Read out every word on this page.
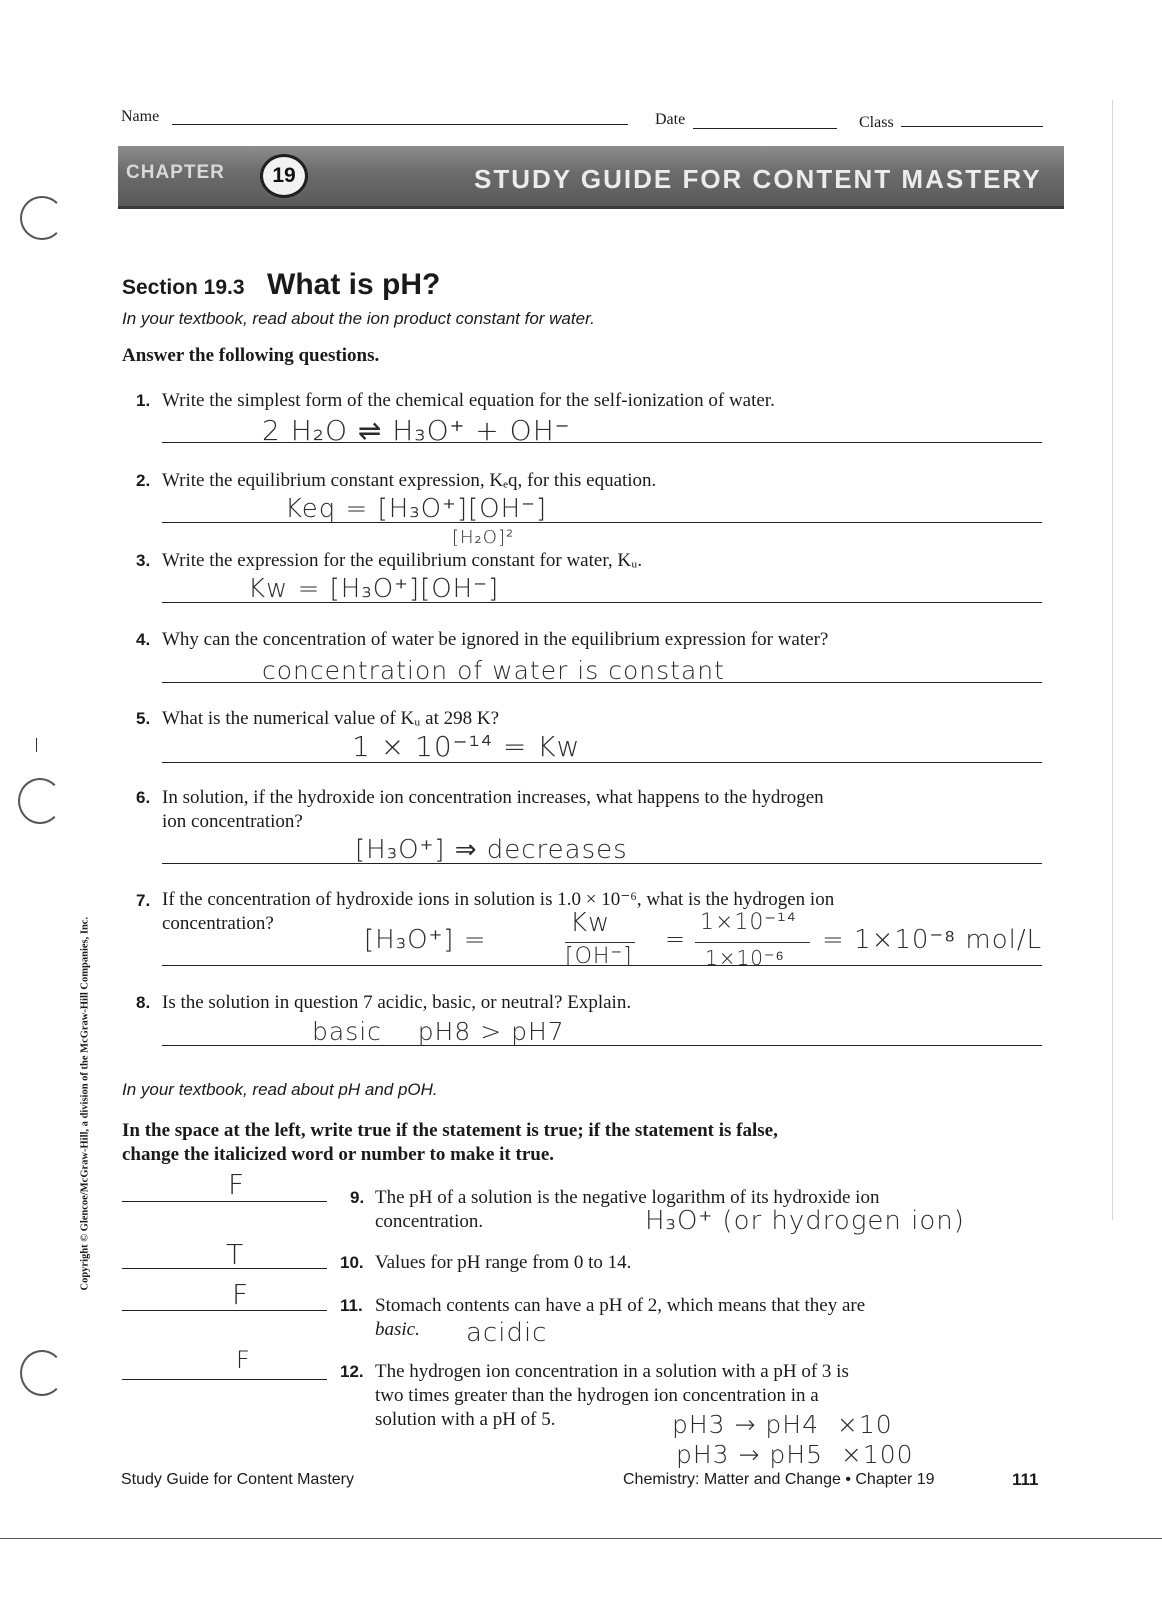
Name	Date	Class
CHAPTER	19	STUDY GUIDE FOR CONTENT MASTERY
Section 19.3 What is pH?
In your textbook, read about the ion product constant for water.
Answer the following questions.
1. Write the simplest form of the chemical equation for the self-ionization of water.
2 H₂O ⇌ H₃O⁺ + OH⁻
2. Write the equilibrium constant expression, Kₑq, for this equation.
Keq = [H₃O⁺][OH⁻]
[H₂O]²
3. Write the expression for the equilibrium constant for water, Kᵤ.
Kw = [H₃O⁺][OH⁻]
4. Why can the concentration of water be ignored in the equilibrium expression for water?
concentration of water is constant
5. What is the numerical value of Kᵤ at 298 K?
1 × 10⁻¹⁴ = Kw
6. In solution, if the hydroxide ion concentration increases, what happens to the hydrogen
ion concentration?
[H₃O⁺] ⇒ decreases
7. If the concentration of hydroxide ions in solution is 1.0 × 10⁻⁶, what is the hydrogen ion
concentration?
[H₃O⁺] =
Kw
[OH⁻]
=
1×10⁻¹⁴
1×10⁻⁶
= 1×10⁻⁸ mol/L
8. Is the solution in question 7 acidic, basic, or neutral? Explain.
basic    pH8 > pH7
In your textbook, read about pH and pOH.
In the space at the left, write true if the statement is true; if the statement is false,
change the italicized word or number to make it true.
F	9. The pH of a solution is the negative logarithm of its hydroxide ion
concentration.	H₃O⁺ (or hydrogen ion)
T	10. Values for pH range from 0 to 14.
F	11. Stomach contents can have a pH of 2, which means that they are
basic. acidic
F	12. The hydrogen ion concentration in a solution with a pH of 3 is
two times greater than the hydrogen ion concentration in a
solution with a pH of 5.	pH3 → pH4  ×10
pH3 → pH5  ×100
Copyright © Glencoe/McGraw-Hill, a division of the McGraw-Hill Companies, Inc.
Study Guide for Content Mastery	Chemistry: Matter and Change • Chapter 19	111
